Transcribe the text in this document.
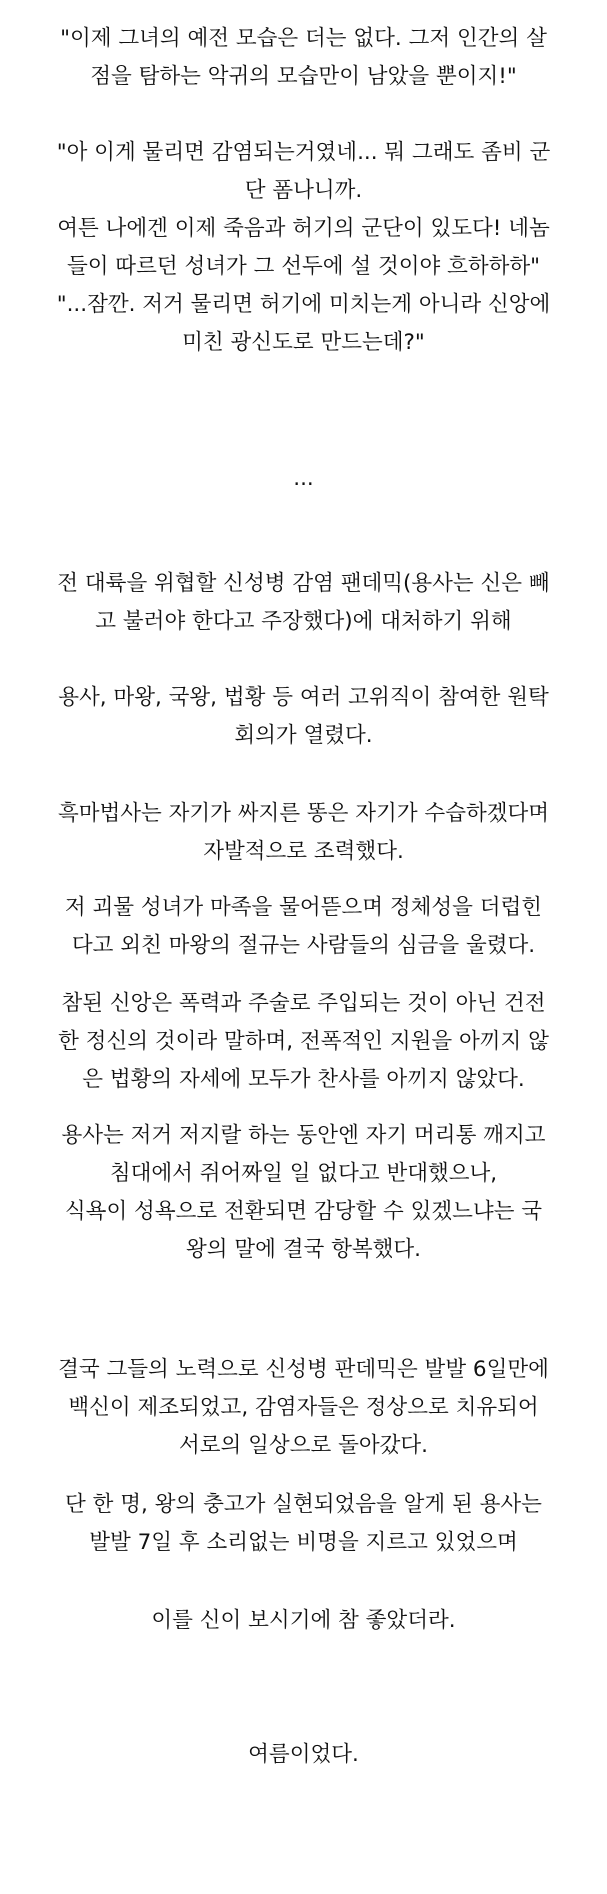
"이제 그녀의 예전 모습은 더는 없다. 그저 인간의 살
점을 탐하는 악귀의 모습만이 남았을 뿐이지!"

"아 이게 물리면 감염되는거였네... 뭐 그래도 좀비 군
단 폼나니까.

여튼 나에겐 이제 죽음과 허기의 군단이 있도다! 네놈
들이 따르던 성녀가 그 선두에 설 것이야 흐하하하"

"...잠깐. 저거 물리면 허기에 미치는게 아니라 신앙에
미친 광신도로 만드는데?"

...

전 대륙을 위협할 신성병 감염 팬데믹(용사는 신은 빼
고 불러야 한다고 주장했다)에 대처하기 위해

용사, 마왕, 국왕, 법황 등 여러 고위직이 참여한 원탁
회의가 열렸다.

흑마법사는 자기가 싸지른 똥은 자기가 수습하겠다며
자발적으로 조력했다.

저 괴물 성녀가 마족을 물어뜯으며 정체성을 더럽힌
다고 외친 마왕의 절규는 사람들의 심금을 울렸다.

참된 신앙은 폭력과 주술로 주입되는 것이 아닌 건전
한 정신의 것이라 말하며, 전폭적인 지원을 아끼지 않
은 법황의 자세에 모두가 찬사를 아끼지 않았다.

용사는 저거 저지랄 하는 동안엔 자기 머리통 깨지고
침대에서 쥐어짜일 일 없다고 반대했으나,

식욕이 성욕으로 전환되면 감당할 수 있겠느냐는 국
왕의 말에 결국 항복했다.

결국 그들의 노력으로 신성병 판데믹은 발발 6일만에
백신이 제조되었고, 감염자들은 정상으로 치유되어
서로의 일상으로 돌아갔다.

단 한 명, 왕의 충고가 실현되었음을 알게 된 용사는
발발 7일 후 소리없는 비명을 지르고 있었으며

이를 신이 보시기에 참 좋았더라.

여름이었다.
